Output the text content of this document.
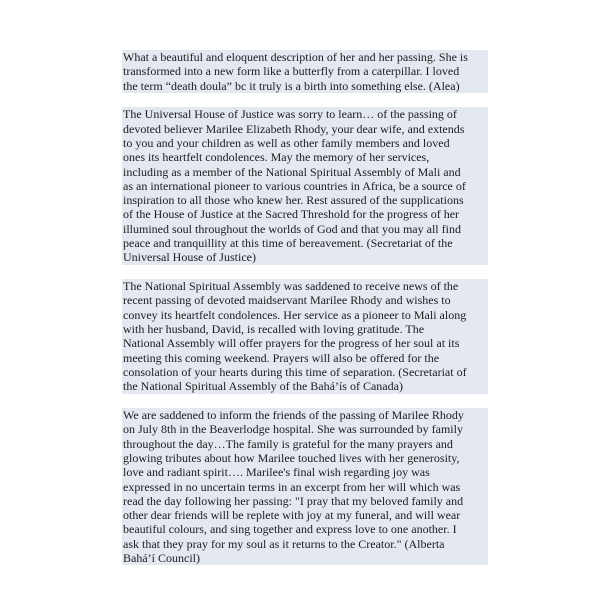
What a beautiful and eloquent description of her and her passing. She is
transformed into a new form like a butterfly from a caterpillar. I loved
the term “death doula” bc it truly is a birth into something else. (Alea)

The Universal House of Justice was sorry to learn… of the passing of
devoted believer Marilee Elizabeth Rhody, your dear wife, and extends
to you and your children as well as other family members and loved
ones its heartfelt condolences. May the memory of her services,
including as a member of the National Spiritual Assembly of Mali and
as an international pioneer to various countries in Africa, be a source of
inspiration to all those who knew her. Rest assured of the supplications
of the House of Justice at the Sacred Threshold for the progress of her
illumined soul throughout the worlds of God and that you may all find
peace and tranquillity at this time of bereavement. (Secretariat of the
Universal House of Justice)

The National Spiritual Assembly was saddened to receive news of the
recent passing of devoted maidservant Marilee Rhody and wishes to
convey its heartfelt condolences. Her service as a pioneer to Mali along
with her husband, David, is recalled with loving gratitude. The
National Assembly will offer prayers for the progress of her soul at its
meeting this coming weekend. Prayers will also be offered for the
consolation of your hearts during this time of separation. (Secretariat of
the National Spiritual Assembly of the Bahá’ís of Canada)

We are saddened to inform the friends of the passing of Marilee Rhody
on July 8th in the Beaverlodge hospital. She was surrounded by family
throughout the day…The family is grateful for the many prayers and
glowing tributes about how Marilee touched lives with her generosity,
love and radiant spirit…. Marilee's final wish regarding joy was
expressed in no uncertain terms in an excerpt from her will which was
read the day following her passing: "I pray that my beloved family and
other dear friends will be replete with joy at my funeral, and will wear
beautiful colours, and sing together and express love to one another. I
ask that they pray for my soul as it returns to the Creator." (Alberta
Bahá’í Council)
